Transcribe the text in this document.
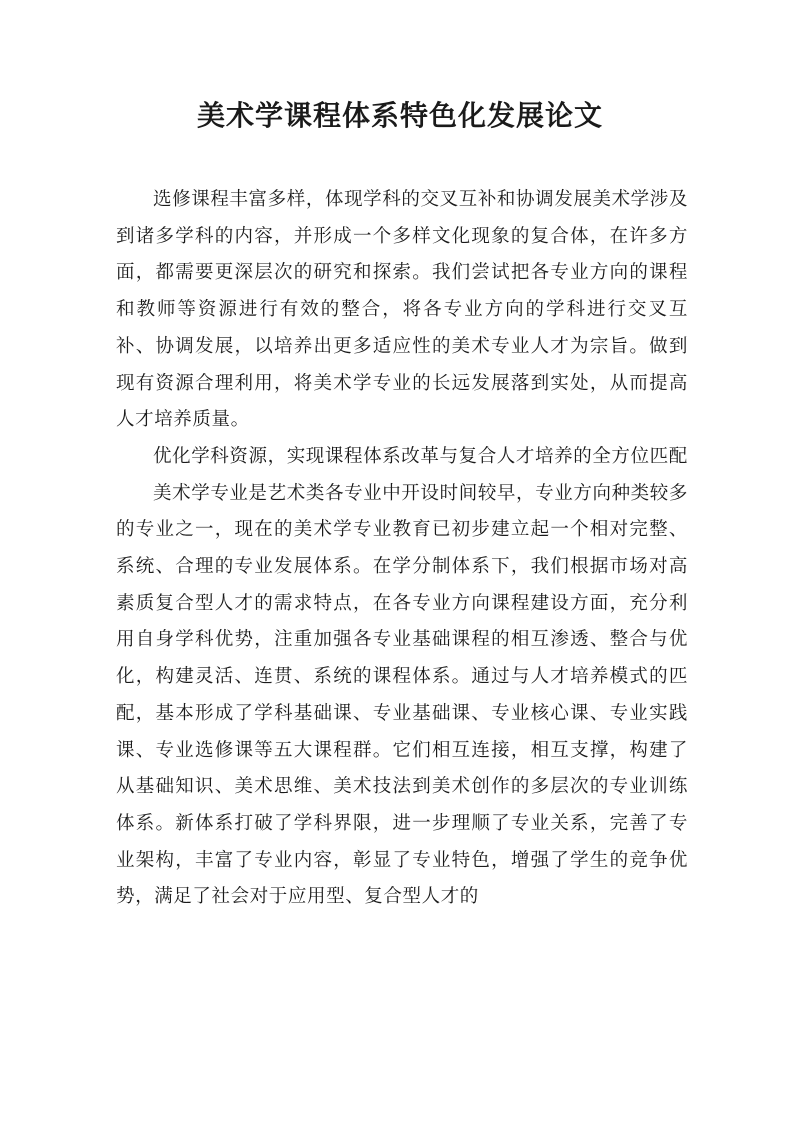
美术学课程体系特色化发展论文

选修课程丰富多样，体现学科的交叉互补和协调发展美术学涉及到诸多学科的内容，并形成一个多样文化现象的复合体，在许多方面，都需要更深层次的研究和探索。我们尝试把各专业方向的课程和教师等资源进行有效的整合，将各专业方向的学科进行交叉互补、协调发展，以培养出更多适应性的美术专业人才为宗旨。做到现有资源合理利用，将美术学专业的长远发展落到实处，从而提高人才培养质量。

优化学科资源，实现课程体系改革与复合人才培养的全方位匹配

美术学专业是艺术类各专业中开设时间较早，专业方向种类较多的专业之一，现在的美术学专业教育已初步建立起一个相对完整、系统、合理的专业发展体系。在学分制体系下，我们根据市场对高素质复合型人才的需求特点，在各专业方向课程建设方面，充分利用自身学科优势，注重加强各专业基础课程的相互渗透、整合与优化，构建灵活、连贯、系统的课程体系。通过与人才培养模式的匹配，基本形成了学科基础课、专业基础课、专业核心课、专业实践课、专业选修课等五大课程群。它们相互连接，相互支撑，构建了从基础知识、美术思维、美术技法到美术创作的多层次的专业训练体系。新体系打破了学科界限，进一步理顺了专业关系，完善了专业架构，丰富了专业内容，彰显了专业特色，增强了学生的竞争优势，满足了社会对于应用型、复合型人才的
